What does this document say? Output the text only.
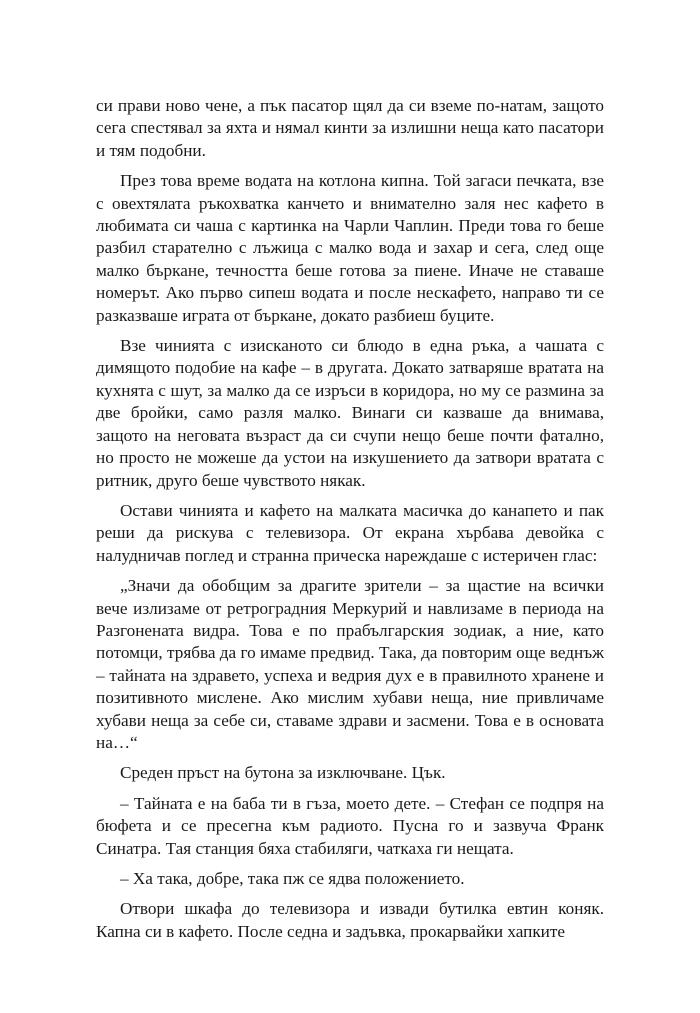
си прави ново чене, а пък пасатор щял да си вземе по-натам, защото сега спестявал за яхта и нямал кинти за излишни неща като пасатори и тям подобни.

През това време водата на котлона кипна. Той загаси печката, взе с овехтялата ръкохватка канчето и внимателно заля нес кафето в любимата си чаша с картинка на Чарли Чаплин. Преди това го беше разбил старателно с лъжица с малко вода и захар и сега, след още малко бъркане, течността беше готова за пиене. Иначе не ставаше номерът. Ако първо сипеш водата и после нескафето, направо ти се разказваше играта от бъркане, докато разбиеш буците.

Взе чинията с изисканото си блюдо в една ръка, а чашата с димящото подобие на кафе – в другата. Докато затваряше вратата на кухнята с шут, за малко да се изръси в коридора, но му се размина за две бройки, само разля малко. Винаги си казваше да внимава, защото на неговата възраст да си счупи нещо беше почти фатално, но просто не можеше да устои на изкушението да затвори вратата с ритник, друго беше чувството някак.

Остави чинията и кафето на малката масичка до канапето и пак реши да рискува с телевизора. От екрана хърбава девойка с налудничав поглед и странна прическа нареждаше с истеричен глас:

„Значи да обобщим за драгите зрители – за щастие на всички вече излизаме от ретроградния Меркурий и навлизаме в периода на Разгонената видра. Това е по прабългарския зодиак, а ние, като потомци, трябва да го имаме предвид. Така, да повторим още веднъж – тайната на здравето, успеха и ведрия дух е в правилното хранене и позитивното мислене. Ако мислим хубави неща, ние привличаме хубави неща за себе си, ставаме здрави и засмени. Това е в основата на…“

Среден пръст на бутона за изключване. Цък.

– Тайната е на баба ти в гъза, моето дете. – Стефан се подпря на бюфета и се пресегна към радиото. Пусна го и зазвуча Франк Синатра. Тая станция бяха стабиляги, чаткаха ги нещата.

– Ха така, добре, така пж се ядва положението.

Отвори шкафа до телевизора и извади бутилка евтин коняк. Капна си в кафето. После седна и задъвка, прокарвайки хапките
